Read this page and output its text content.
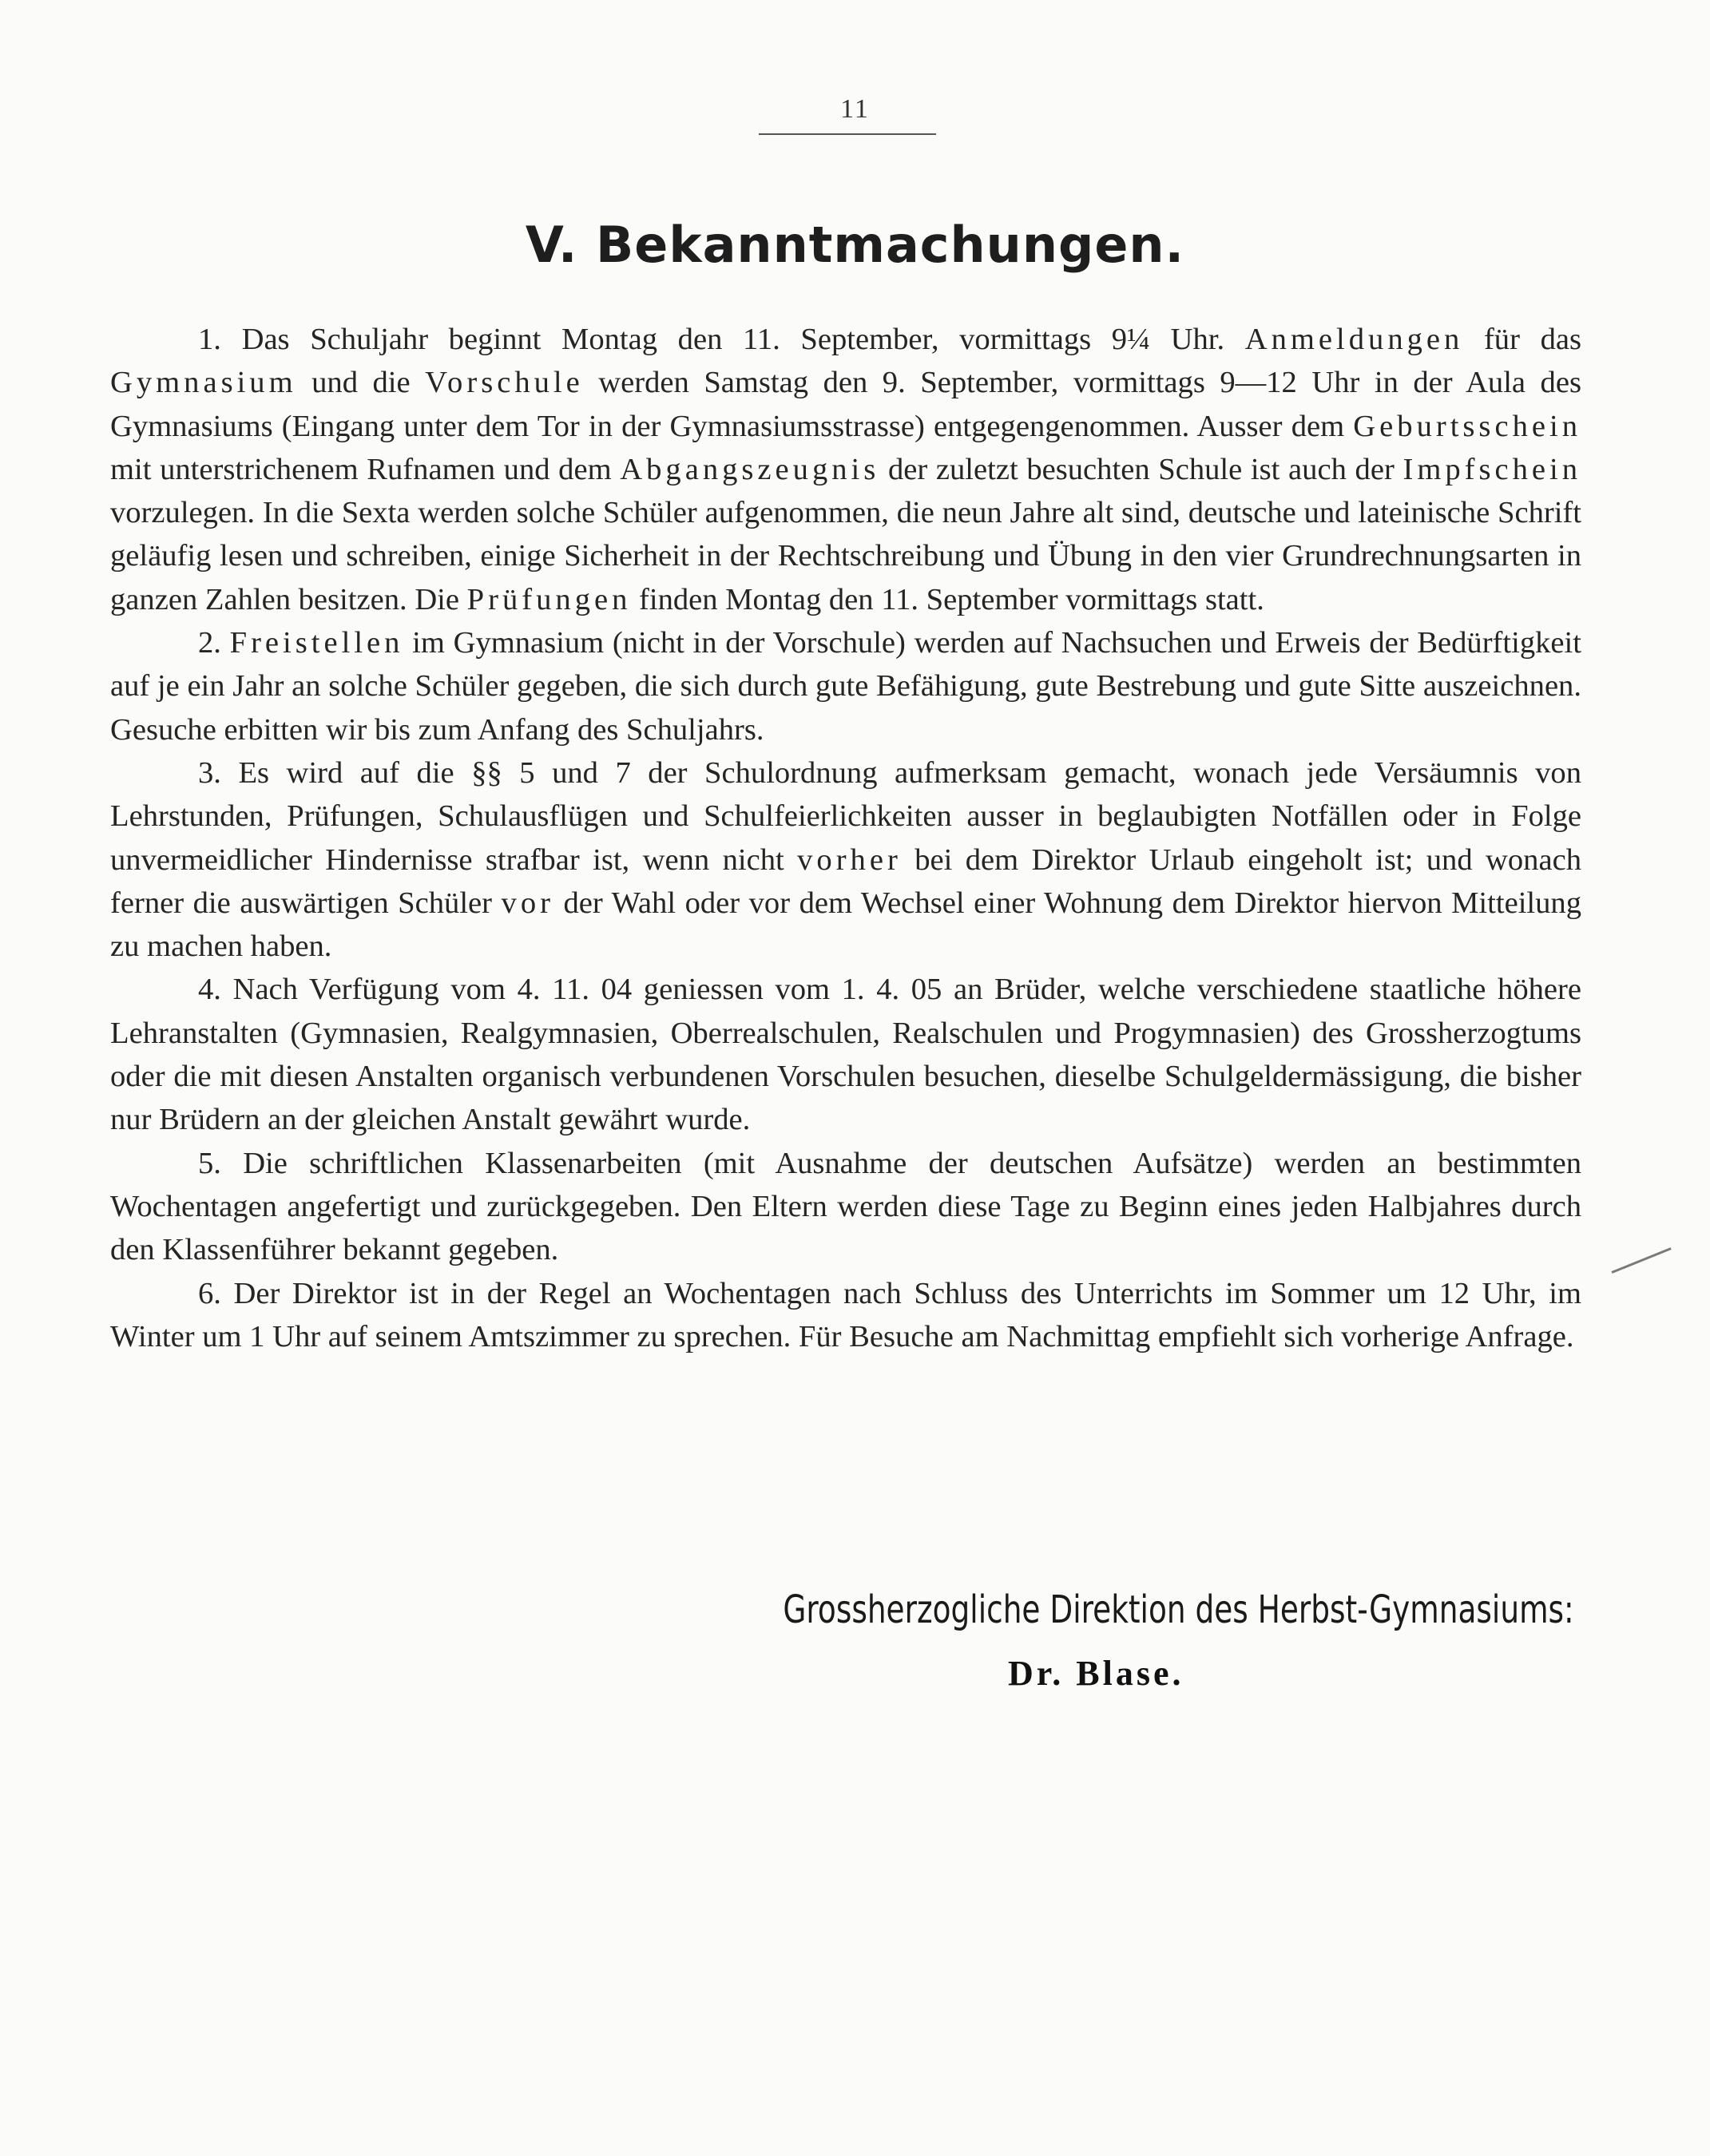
11
V. Bekanntmachungen.

1. Das Schuljahr beginnt Montag den 11. September, vormittags 9¼ Uhr. Anmeldungen für das Gymnasium und die Vorschule werden Samstag den 9. September, vormittags 9—12 Uhr in der Aula des Gymnasiums (Eingang unter dem Tor in der Gymnasiumsstrasse) entgegengenommen. Ausser dem Geburtsschein mit unterstrichenem Rufnamen und dem Abgangszeugnis der zuletzt besuchten Schule ist auch der Impfschein vorzulegen. In die Sexta werden solche Schüler aufgenommen, die neun Jahre alt sind, deutsche und lateinische Schrift geläufig lesen und schreiben, einige Sicherheit in der Rechtschreibung und Übung in den vier Grundrechnungsarten in ganzen Zahlen besitzen. Die Prüfungen finden Montag den 11. September vormittags statt.

2. Freistellen im Gymnasium (nicht in der Vorschule) werden auf Nachsuchen und Erweis der Bedürftigkeit auf je ein Jahr an solche Schüler gegeben, die sich durch gute Befähigung, gute Bestrebung und gute Sitte auszeichnen. Gesuche erbitten wir bis zum Anfang des Schuljahrs.

3. Es wird auf die §§ 5 und 7 der Schulordnung aufmerksam gemacht, wonach jede Versäumnis von Lehrstunden, Prüfungen, Schulausflügen und Schulfeierlichkeiten ausser in beglaubigten Notfällen oder in Folge unvermeidlicher Hindernisse strafbar ist, wenn nicht vorher bei dem Direktor Urlaub eingeholt ist; und wonach ferner die auswärtigen Schüler vor der Wahl oder vor dem Wechsel einer Wohnung dem Direktor hiervon Mitteilung zu machen haben.

4. Nach Verfügung vom 4. 11. 04 geniessen vom 1. 4. 05 an Brüder, welche verschiedene staatliche höhere Lehranstalten (Gymnasien, Realgymnasien, Oberrealschulen, Realschulen und Progymnasien) des Grossherzogtums oder die mit diesen Anstalten organisch verbundenen Vorschulen besuchen, dieselbe Schulgeldermässigung, die bisher nur Brüdern an der gleichen Anstalt gewährt wurde.

5. Die schriftlichen Klassenarbeiten (mit Ausnahme der deutschen Aufsätze) werden an bestimmten Wochentagen angefertigt und zurückgegeben. Den Eltern werden diese Tage zu Beginn eines jeden Halbjahres durch den Klassenführer bekannt gegeben.

6. Der Direktor ist in der Regel an Wochentagen nach Schluss des Unterrichts im Sommer um 12 Uhr, im Winter um 1 Uhr auf seinem Amtszimmer zu sprechen. Für Besuche am Nachmittag empfiehlt sich vorherige Anfrage.

Grossherzogliche Direktion des Herbst-Gymnasiums:
Dr. Blase.
